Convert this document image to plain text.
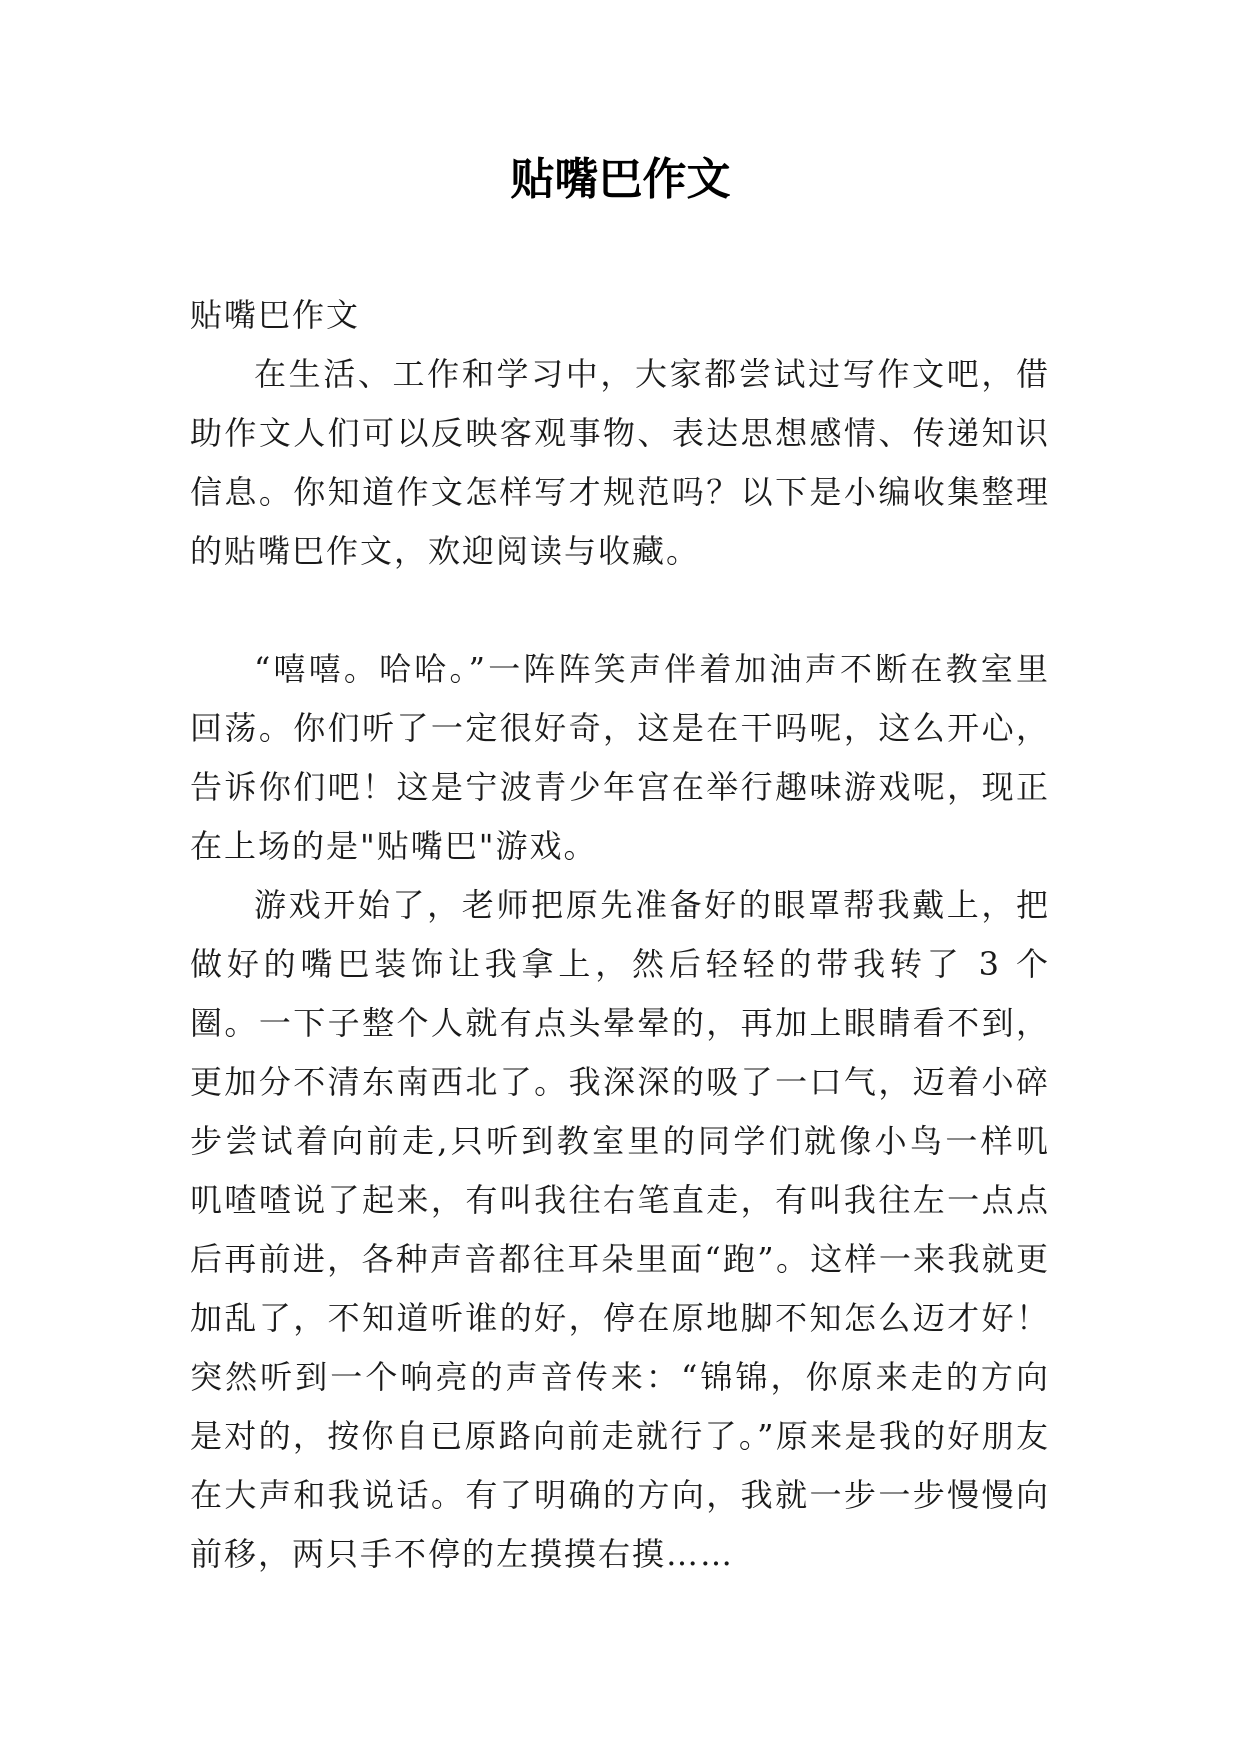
贴嘴巴作文

贴嘴巴作文

在生活、工作和学习中，大家都尝试过写作文吧，借助作文人们可以反映客观事物、表达思想感情、传递知识信息。你知道作文怎样写才规范吗？以下是小编收集整理的贴嘴巴作文，欢迎阅读与收藏。

“嘻嘻。哈哈。”一阵阵笑声伴着加油声不断在教室里回荡。你们听了一定很好奇，这是在干吗呢，这么开心，告诉你们吧！这是宁波青少年宫在举行趣味游戏呢，现正在上场的是"贴嘴巴"游戏。

游戏开始了，老师把原先准备好的眼罩帮我戴上，把做好的嘴巴装饰让我拿上，然后轻轻的带我转了 3 个圈。一下子整个人就有点头晕晕的，再加上眼睛看不到，更加分不清东南西北了。我深深的吸了一口气，迈着小碎步尝试着向前走,只听到教室里的同学们就像小鸟一样叽叽喳喳说了起来，有叫我往右笔直走，有叫我往左一点点后再前进，各种声音都往耳朵里面“跑”。这样一来我就更加乱了，不知道听谁的好，停在原地脚不知怎么迈才好！突然听到一个响亮的声音传来：“锦锦，你原来走的方向是对的，按你自已原路向前走就行了。”原来是我的好朋友在大声和我说话。有了明确的方向，我就一步一步慢慢向前移，两只手不停的左摸摸右摸……
